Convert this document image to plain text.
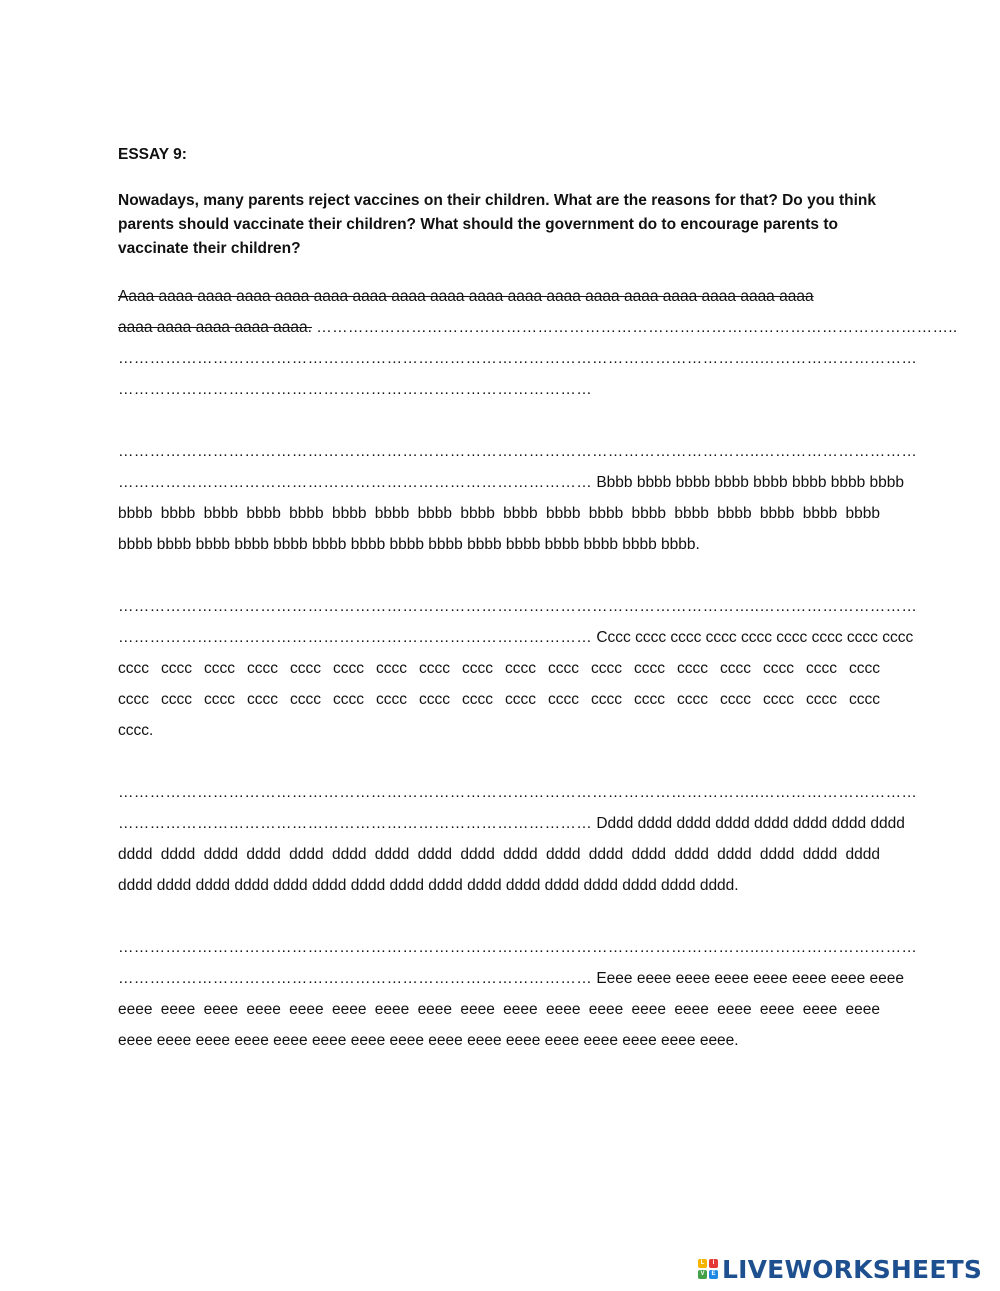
ESSAY 9:
Nowadays, many parents reject vaccines on their children. What are the reasons for that? Do you think parents should vaccinate their children? What should the government do to encourage parents to vaccinate their children?
Aaaa aaaa aaaa aaaa aaaa aaaa aaaa aaaa aaaa aaaa aaaa aaaa aaaa aaaa aaaa aaaa aaaa aaaa
aaaa aaaa aaaa aaaa aaaa. …………………………………………………………………………………………………………..
…………………………………………………………………………………………………………..…………………………
………………………………………………………………………………
…………………………………………………………………………………………………………..…………………………
……………………………………………………………………………… Bbbb bbbb bbbb bbbb bbbb bbbb bbbb bbbb
bbbb bbbb bbbb bbbb bbbb bbbb bbbb bbbb bbbb bbbb bbbb bbbb bbbb bbbb bbbb bbbb bbbb bbbb
bbbb bbbb bbbb bbbb bbbb bbbb bbbb bbbb bbbb bbbb bbbb bbbb bbbb bbbb bbbb.
…………………………………………………………………………………………………………..…………………………
……………………………………………………………………………… Cccc cccc cccc cccc cccc cccc cccc cccc cccc
cccc cccc cccc cccc cccc cccc cccc cccc cccc cccc cccc cccc cccc cccc cccc cccc cccc cccc
cccc cccc cccc cccc cccc cccc cccc cccc cccc cccc cccc cccc cccc cccc cccc cccc cccc cccc
cccc.
…………………………………………………………………………………………………………..…………………………
……………………………………………………………………………… Dddd dddd dddd dddd dddd dddd dddd dddd
dddd dddd dddd dddd dddd dddd dddd dddd dddd dddd dddd dddd dddd dddd dddd dddd dddd dddd
dddd dddd dddd dddd dddd dddd dddd dddd dddd dddd dddd dddd dddd dddd dddd dddd.
…………………………………………………………………………………………………………..…………………………
……………………………………………………………………………… Eeee eeee eeee eeee eeee eeee eeee eeee
eeee eeee eeee eeee eeee eeee eeee eeee eeee eeee eeee eeee eeee eeee eeee eeee eeee eeee
eeee eeee eeee eeee eeee eeee eeee eeee eeee eeee eeee eeee eeee eeee eeee eeee.
L	I
V	E LIVEWORKSHEETS
